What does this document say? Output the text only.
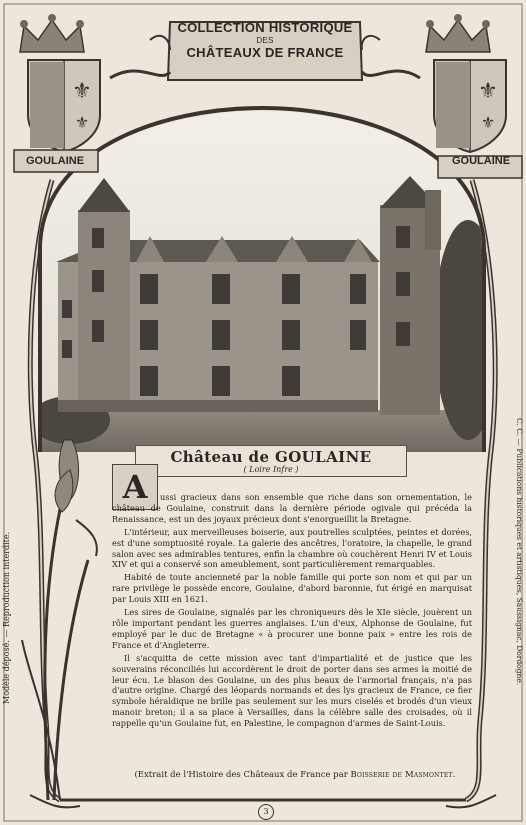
⚜
⚜
⚜
⚜
COLLECTION HISTORIQUE
DES
CHÂTEAUX DE FRANCE
GOULAINE	GOULAINE
Château de GOULAINE
( Loire Infre )
A	ussi gracieux dans son ensemble que riche dans son ornementation, le château de Goulaine, construit dans la dernière période ogivale qui précéda la Renaissance, est un des joyaux précieux dont s'enorgueillit la Bretagne.

L'intérieur, aux merveilleuses boiserie, aux poutrelles sculptées, peintes et dorées, est d'une somptuosité royale. La galerie des ancêtres, l'oratoire, la chapelle, le grand salon avec ses admirables tentures, enfin la chambre où couchèrent Henri IV et Louis XIV et qui a conservé son ameublement, sont particulièrement remarquables.

Habité de toute ancienneté par la noble famille qui porte son nom et qui par un rare privilège le possède encore, Goulaine, d'abord baronnie, fut érigé en marquisat par Louis XIII en 1621.

Les sires de Goulaine, signalés par les chroniqueurs dès le XIe siècle, jouèrent un rôle important pendant les guerres anglaises. L'un d'eux, Alphonse de Goulaine, fut employé par le duc de Bretagne « à procurer une bonne paix » entre les rois de France et d'Angleterre.

Il s'acquitta de cette mission avec tant d'impartialité et de justice que les souverains réconciliés lui accordèrent le droit de porter dans ses armes la moitié de leur écu. Le blason des Goulaine, un des plus beaux de l'armorial français, n'a pas d'autre origine. Chargé des léopards normands et des lys gracieux de France, ce fier symbole héraldique ne brille pas seulement sur les murs ciselés et brodés d'un vieux manoir breton; il a sa place à Versailles, dans la célèbre salle des croisades, où il rappelle qu'un Goulaine fut, en Palestine, le compagnon d'armes de Saint-Louis.

(Extrait de l'Histoire des Châteaux de France par Boisserie de Masmontet.
Modèle déposé. — Reproduction interdite.	C. C. — Publications historiques et artistiques, Saussignac, Dordogne.
3
